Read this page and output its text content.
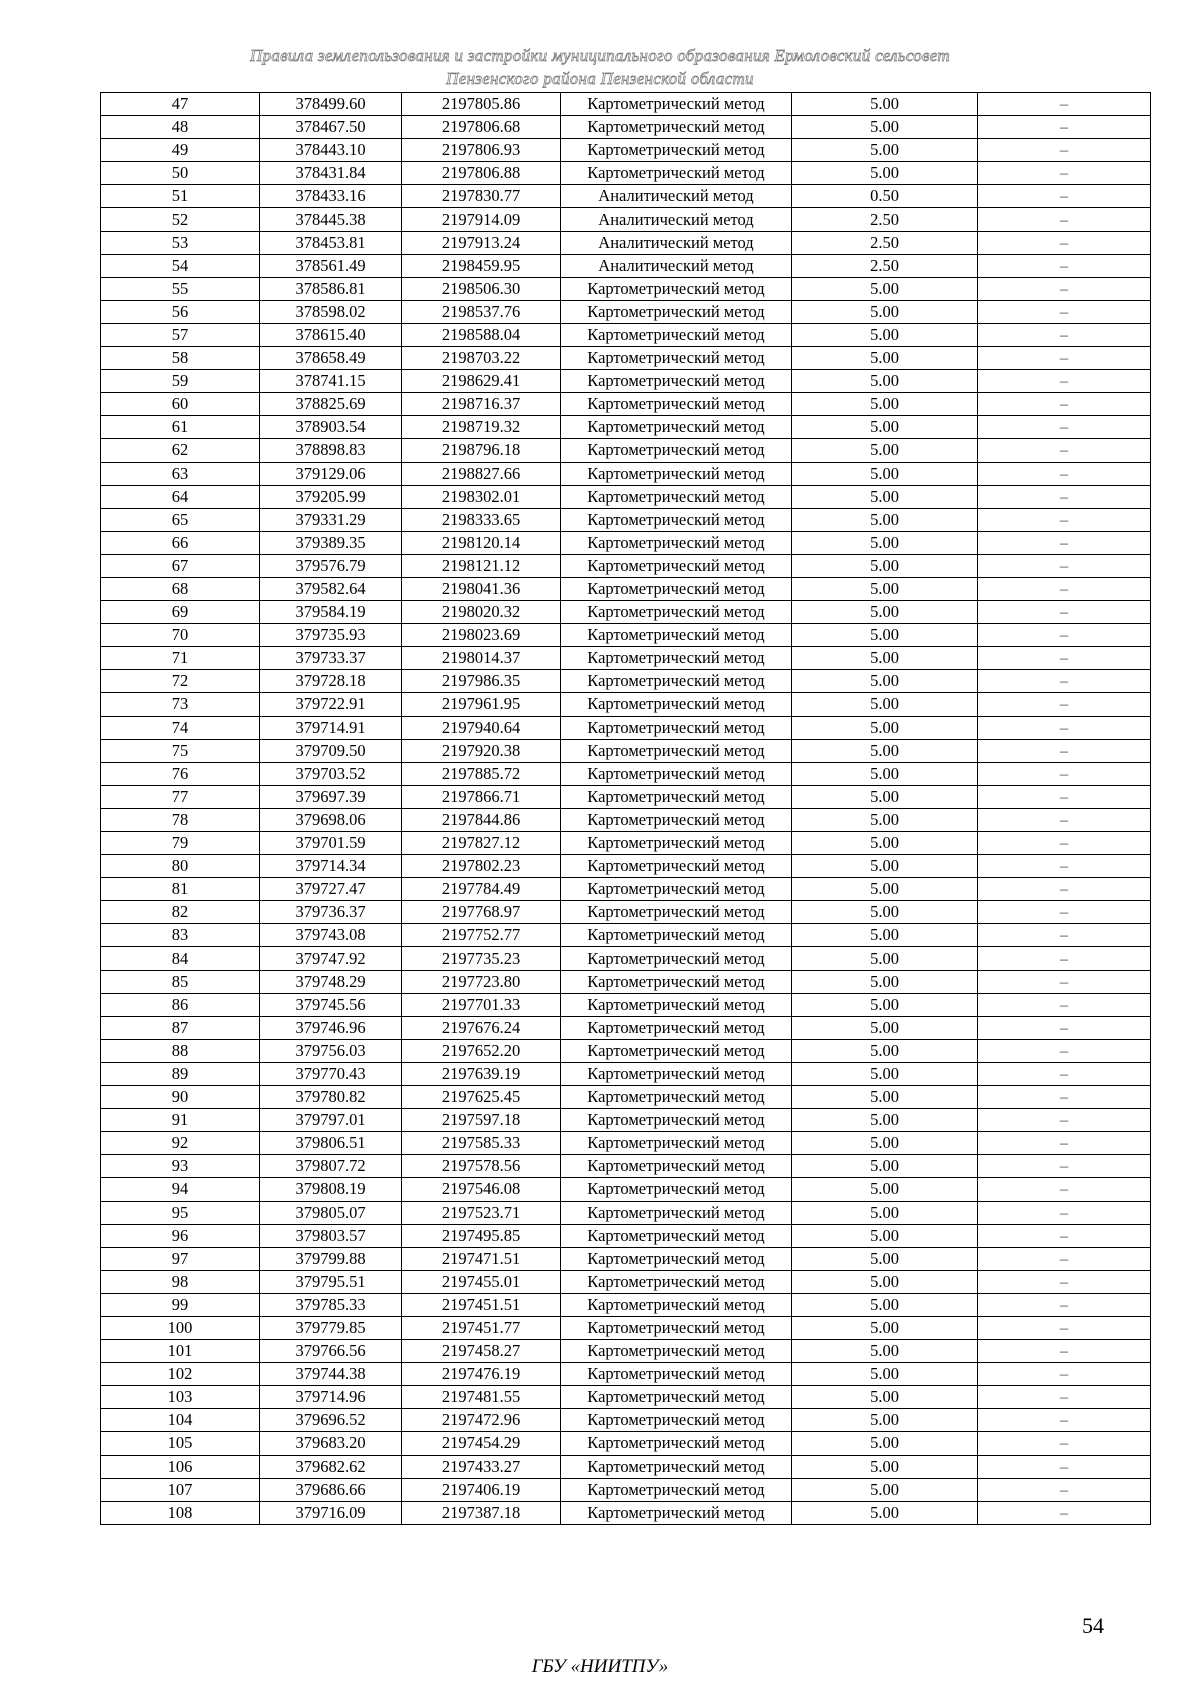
Правила землепользования и застройки муниципального образования Ермоловский сельсовет
Пензенского района Пензенской области
47	378499.60	2197805.86	Картометрический метод	5.00	–
48	378467.50	2197806.68	Картометрический метод	5.00	–
49	378443.10	2197806.93	Картометрический метод	5.00	–
50	378431.84	2197806.88	Картометрический метод	5.00	–
51	378433.16	2197830.77	Аналитический метод	0.50	–
52	378445.38	2197914.09	Аналитический метод	2.50	–
53	378453.81	2197913.24	Аналитический метод	2.50	–
54	378561.49	2198459.95	Аналитический метод	2.50	–
55	378586.81	2198506.30	Картометрический метод	5.00	–
56	378598.02	2198537.76	Картометрический метод	5.00	–
57	378615.40	2198588.04	Картометрический метод	5.00	–
58	378658.49	2198703.22	Картометрический метод	5.00	–
59	378741.15	2198629.41	Картометрический метод	5.00	–
60	378825.69	2198716.37	Картометрический метод	5.00	–
61	378903.54	2198719.32	Картометрический метод	5.00	–
62	378898.83	2198796.18	Картометрический метод	5.00	–
63	379129.06	2198827.66	Картометрический метод	5.00	–
64	379205.99	2198302.01	Картометрический метод	5.00	–
65	379331.29	2198333.65	Картометрический метод	5.00	–
66	379389.35	2198120.14	Картометрический метод	5.00	–
67	379576.79	2198121.12	Картометрический метод	5.00	–
68	379582.64	2198041.36	Картометрический метод	5.00	–
69	379584.19	2198020.32	Картометрический метод	5.00	–
70	379735.93	2198023.69	Картометрический метод	5.00	–
71	379733.37	2198014.37	Картометрический метод	5.00	–
72	379728.18	2197986.35	Картометрический метод	5.00	–
73	379722.91	2197961.95	Картометрический метод	5.00	–
74	379714.91	2197940.64	Картометрический метод	5.00	–
75	379709.50	2197920.38	Картометрический метод	5.00	–
76	379703.52	2197885.72	Картометрический метод	5.00	–
77	379697.39	2197866.71	Картометрический метод	5.00	–
78	379698.06	2197844.86	Картометрический метод	5.00	–
79	379701.59	2197827.12	Картометрический метод	5.00	–
80	379714.34	2197802.23	Картометрический метод	5.00	–
81	379727.47	2197784.49	Картометрический метод	5.00	–
82	379736.37	2197768.97	Картометрический метод	5.00	–
83	379743.08	2197752.77	Картометрический метод	5.00	–
84	379747.92	2197735.23	Картометрический метод	5.00	–
85	379748.29	2197723.80	Картометрический метод	5.00	–
86	379745.56	2197701.33	Картометрический метод	5.00	–
87	379746.96	2197676.24	Картометрический метод	5.00	–
88	379756.03	2197652.20	Картометрический метод	5.00	–
89	379770.43	2197639.19	Картометрический метод	5.00	–
90	379780.82	2197625.45	Картометрический метод	5.00	–
91	379797.01	2197597.18	Картометрический метод	5.00	–
92	379806.51	2197585.33	Картометрический метод	5.00	–
93	379807.72	2197578.56	Картометрический метод	5.00	–
94	379808.19	2197546.08	Картометрический метод	5.00	–
95	379805.07	2197523.71	Картометрический метод	5.00	–
96	379803.57	2197495.85	Картометрический метод	5.00	–
97	379799.88	2197471.51	Картометрический метод	5.00	–
98	379795.51	2197455.01	Картометрический метод	5.00	–
99	379785.33	2197451.51	Картометрический метод	5.00	–
100	379779.85	2197451.77	Картометрический метод	5.00	–
101	379766.56	2197458.27	Картометрический метод	5.00	–
102	379744.38	2197476.19	Картометрический метод	5.00	–
103	379714.96	2197481.55	Картометрический метод	5.00	–
104	379696.52	2197472.96	Картометрический метод	5.00	–
105	379683.20	2197454.29	Картометрический метод	5.00	–
106	379682.62	2197433.27	Картометрический метод	5.00	–
107	379686.66	2197406.19	Картометрический метод	5.00	–
108	379716.09	2197387.18	Картометрический метод	5.00	–
54
ГБУ «НИИТПУ»
